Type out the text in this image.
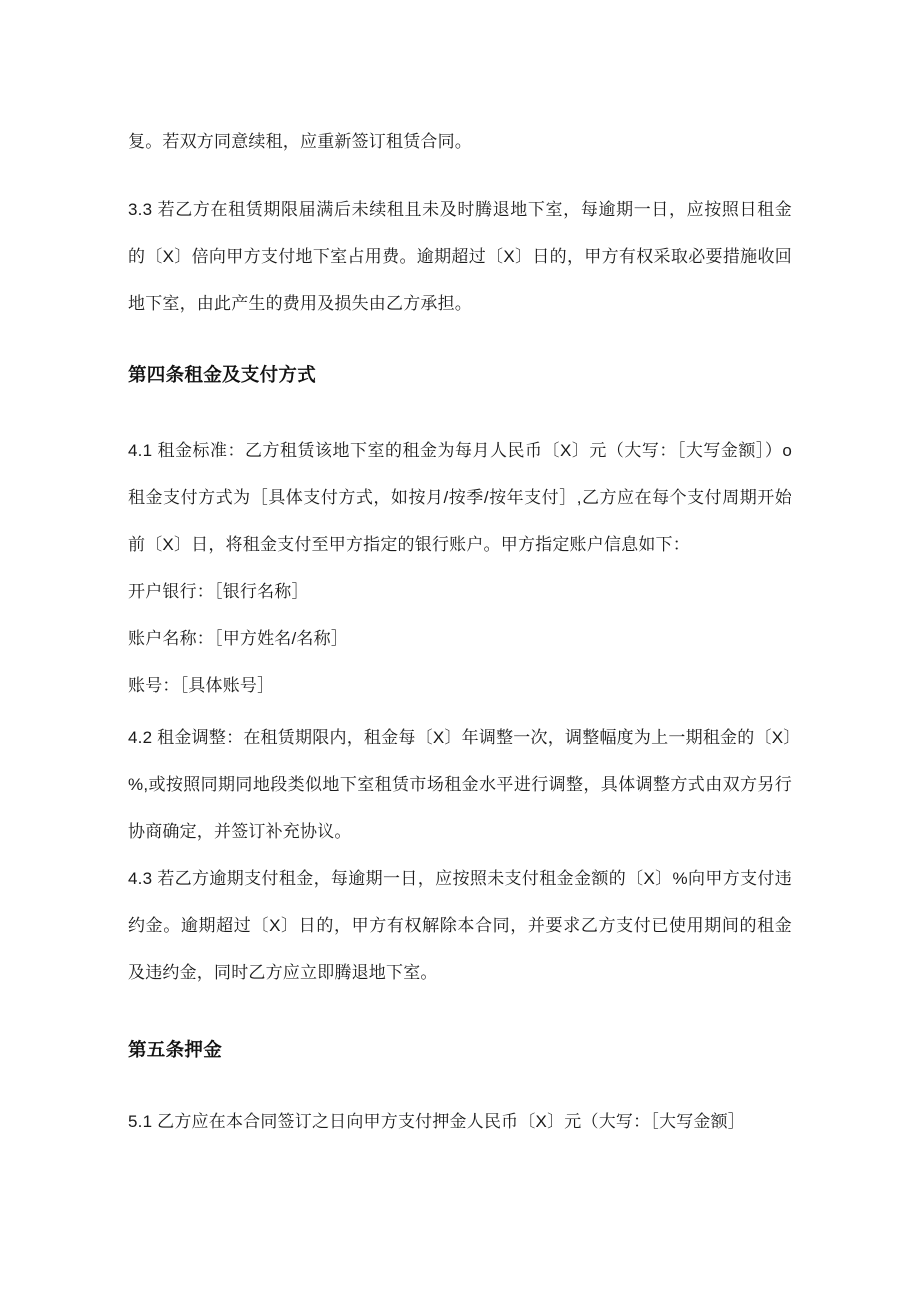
复。若双方同意续租，应重新签订租赁合同。

3.3 若乙方在租赁期限届满后未续租且未及时腾退地下室，每逾期一日，应按照日租金的〔X〕倍向甲方支付地下室占用费。逾期超过〔X〕日的，甲方有权采取必要措施收回地下室，由此产生的费用及损失由乙方承担。

第四条租金及支付方式

4.1 租金标准：乙方租赁该地下室的租金为每月人民币〔X〕元（大写：［大写金额］）o租金支付方式为［具体支付方式，如按月/按季/按年支付］,乙方应在每个支付周期开始前〔X〕日，将租金支付至甲方指定的银行账户。甲方指定账户信息如下：

开户银行：［银行名称］

账户名称：［甲方姓名/名称］

账号：［具体账号］

4.2 租金调整：在租赁期限内，租金每〔X〕年调整一次，调整幅度为上一期租金的〔X〕%,或按照同期同地段类似地下室租赁市场租金水平进行调整，具体调整方式由双方另行协商确定，并签订补充协议。

4.3 若乙方逾期支付租金，每逾期一日，应按照未支付租金金额的〔X〕%向甲方支付违约金。逾期超过〔X〕日的，甲方有权解除本合同，并要求乙方支付已使用期间的租金及违约金，同时乙方应立即腾退地下室。

第五条押金

5.1 乙方应在本合同签订之日向甲方支付押金人民币〔X〕元（大写：［大写金额］
